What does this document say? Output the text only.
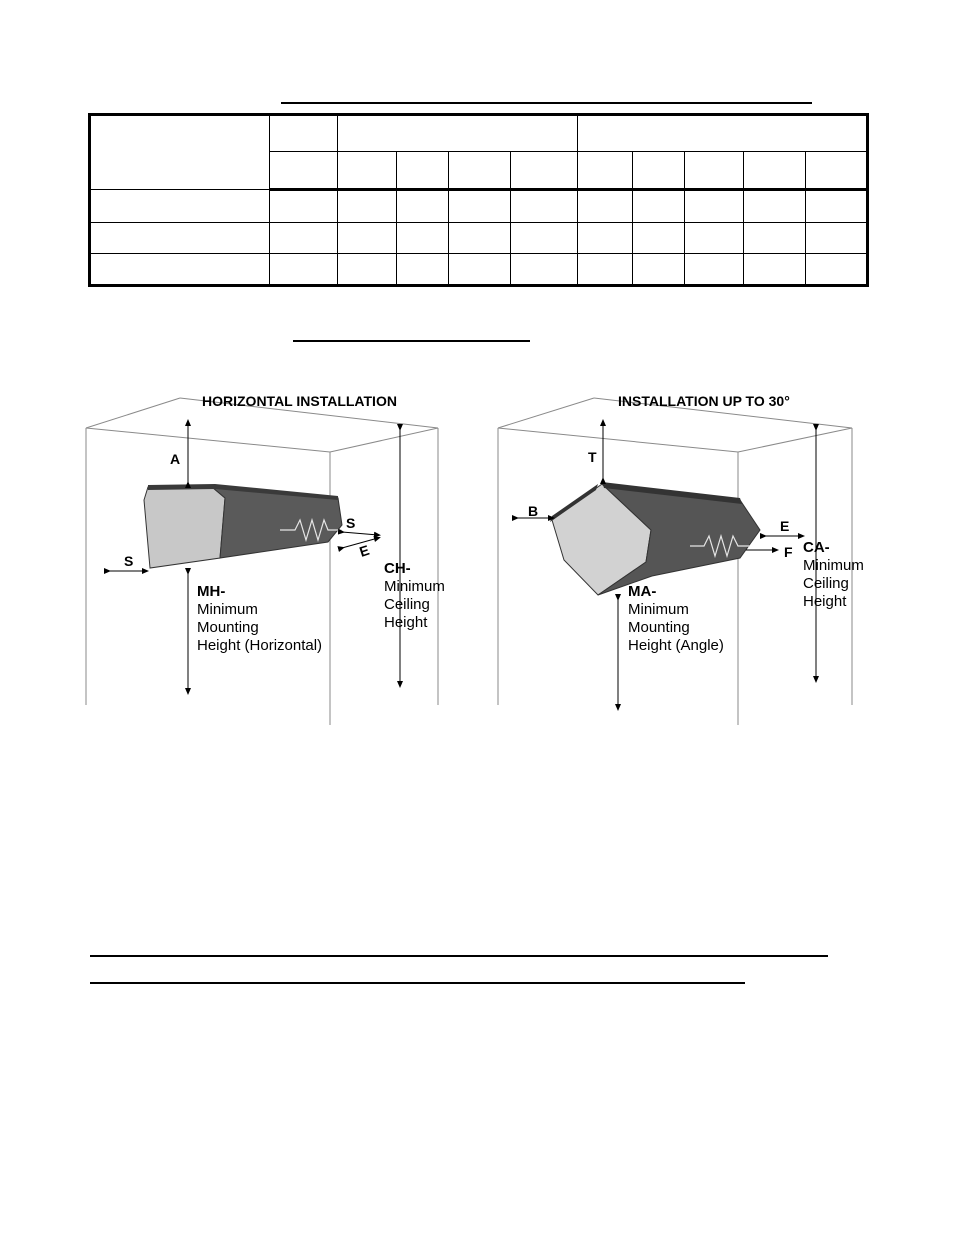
HORIZONTAL INSTALLATION
A
S
E
S	CH-
Minimum
Ceiling
Height
MH-
Minimum
Mounting
Height (Horizontal)
INSTALLATION UP TO 30°
T
B
E
F CA-
Minimum
Ceiling
Height
MA-
Minimum
Mounting
Height (Angle)
